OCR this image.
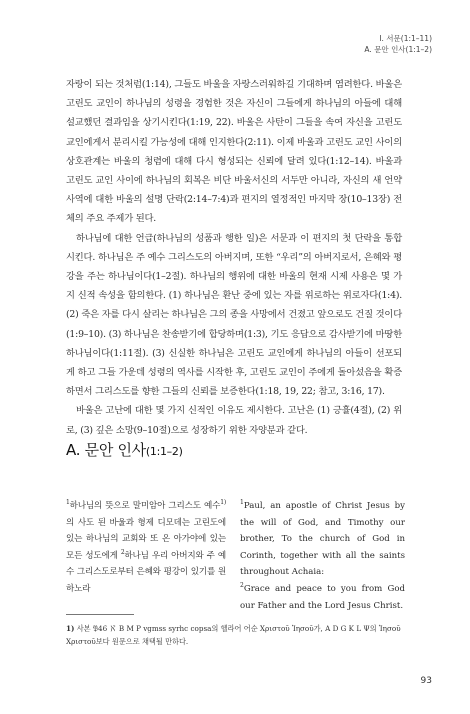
I. 서문(1:1–11)
A. 문안 인사(1:1–2)

자랑이 되는 것처럼(1:14), 그들도 바울을 자랑스러워하길 기대하며 염려한다. 바울은 고린도 교인이 하나님의 성령을 경험한 것은 자신이 그들에게 하나님의 아들에 대해 설교했던 결과임을 상기시킨다(1:19, 22). 바울은 사탄이 그들을 속여 자신을 고린도 교인에게서 분리시킬 가능성에 대해 인지한다(2:11). 이제 바울과 고린도 교인 사이의 상호관계는 바울의 청렴에 대해 다시 형성되는 신뢰에 달려 있다(1:12–14). 바울과 고린도 교인 사이에 하나님의 회복은 비단 바울서신의 서두만 아니라, 자신의 새 언약 사역에 대한 바울의 설명 단락(2:14–7:4)과 편지의 열정적인 마지막 장(10–13장) 전체의 주요 주제가 된다.

하나님에 대한 언급(하나님의 성품과 행한 일)은 서문과 이 편지의 첫 단락을 통합시킨다. 하나님은 주 예수 그리스도의 아버지며, 또한 “우리”의 아버지로서, 은혜와 평강을 주는 하나님이다(1–2절). 하나님의 행위에 대한 바울의 현재 시제 사용은 몇 가지 신적 속성을 함의한다. (1) 하나님은 환난 중에 있는 자를 위로하는 위로자다(1:4). (2) 죽은 자를 다시 살리는 하나님은 그의 종을 사망에서 건졌고 앞으로도 건질 것이다(1:9–10). (3) 하나님은 찬송받기에 합당하며(1:3), 기도 응답으로 감사받기에 마땅한 하나님이다(1:11절). (3) 신실한 하나님은 고린도 교인에게 하나님의 아들이 선포되게 하고 그들 가운데 성령의 역사를 시작한 후, 고린도 교인이 주에게 돌아섰음을 확증하면서 그리스도를 향한 그들의 신뢰를 보증한다(1:18, 19, 22; 참고, 3:16, 17).

바울은 고난에 대한 몇 가지 신적인 이유도 제시한다. 고난은 (1) 긍휼(4절), (2) 위로, (3) 깊은 소망(9–10절)으로 성장하기 위한 자양분과 같다.

A. 문안 인사(1:1–2)
$^1$하나님의 뜻으로 말미암아 그리스도 예수$^{1)}$의 사도 된 바울과 형제 디모데는 고린도에 있는 하나님의 교회와 또 온 아가야에 있는 모든 성도에게 $^2$하나님 우리 아버지와 주 예수 그리스도로부터 은혜와 평강이 있기를 원하노라
$^1$Paul, an apostle of Christ Jesus by the will of God, and Timothy our brother, To the church of God in Corinth, together with all the saints throughout Achaia:
$^2$Grace and peace to you from God our Father and the Lord Jesus Christ.
1) 사본 𝔓46 ℵ B M P vgmss syrhc copsa의 헬라어 어순 Χριστοῦ Ἰησοῦ가, A D G K L Ψ의 Ἰησοῦ Χριστοῦ보다 원문으로 채택될 만하다.
93
